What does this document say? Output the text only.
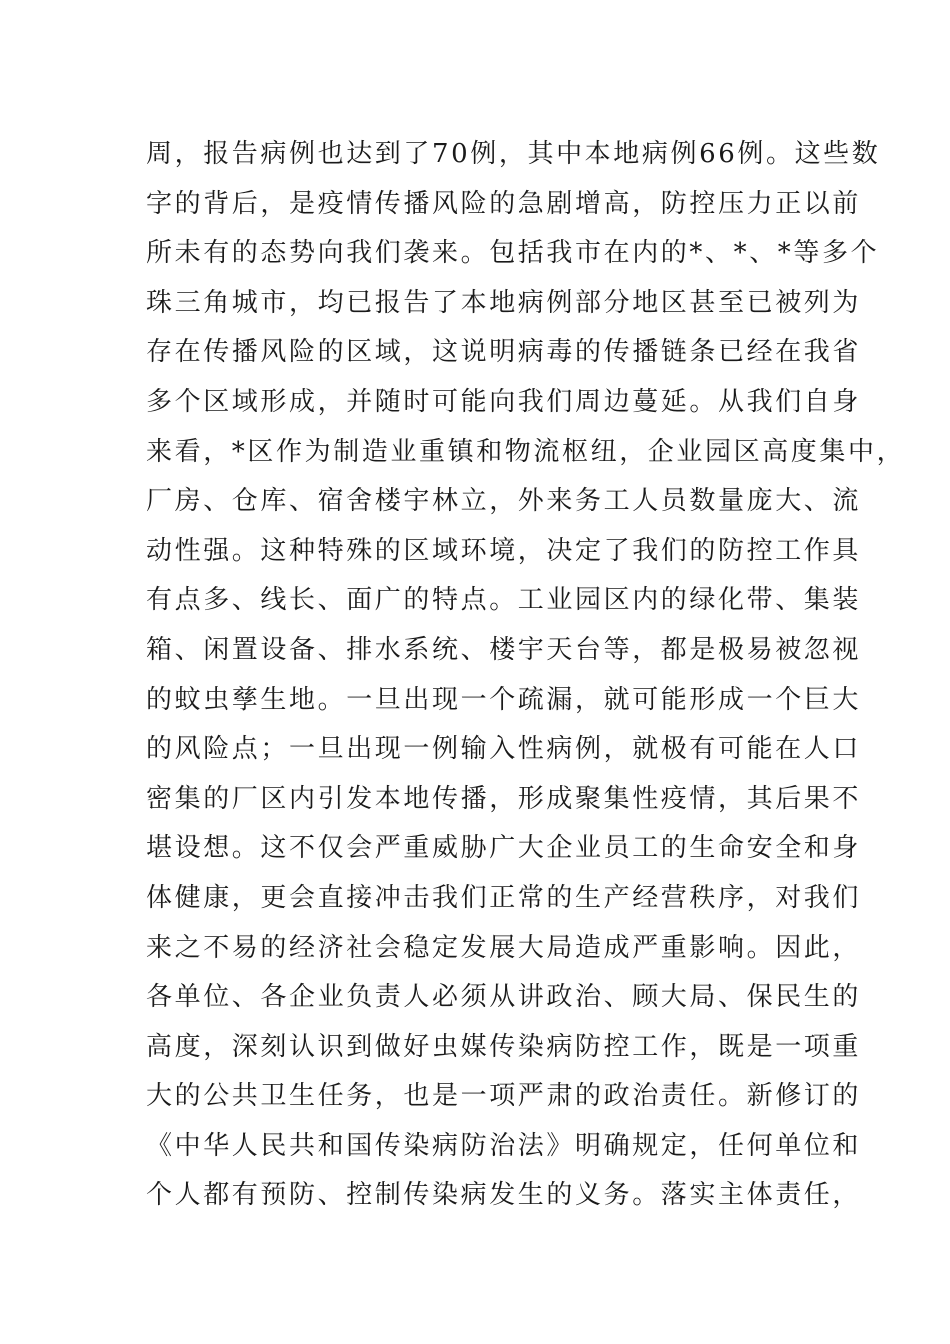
周，报告病例也达到了70例，其中本地病例66例。这些数
字的背后，是疫情传播风险的急剧增高，防控压力正以前
所未有的态势向我们袭来。包括我市在内的*、*、*等多个
珠三角城市，均已报告了本地病例部分地区甚至已被列为
存在传播风险的区域，这说明病毒的传播链条已经在我省
多个区域形成，并随时可能向我们周边蔓延。从我们自身
来看，*区作为制造业重镇和物流枢纽，企业园区高度集中，
厂房、仓库、宿舍楼宇林立，外来务工人员数量庞大、流
动性强。这种特殊的区域环境，决定了我们的防控工作具
有点多、线长、面广的特点。工业园区内的绿化带、集装
箱、闲置设备、排水系统、楼宇天台等，都是极易被忽视
的蚊虫孳生地。一旦出现一个疏漏，就可能形成一个巨大
的风险点；一旦出现一例输入性病例，就极有可能在人口
密集的厂区内引发本地传播，形成聚集性疫情，其后果不
堪设想。这不仅会严重威胁广大企业员工的生命安全和身
体健康，更会直接冲击我们正常的生产经营秩序，对我们
来之不易的经济社会稳定发展大局造成严重影响。因此，
各单位、各企业负责人必须从讲政治、顾大局、保民生的
高度，深刻认识到做好虫媒传染病防控工作，既是一项重
大的公共卫生任务，也是一项严肃的政治责任。新修订的
《中华人民共和国传染病防治法》明确规定，任何单位和
个人都有预防、控制传染病发生的义务。落实主体责任，
